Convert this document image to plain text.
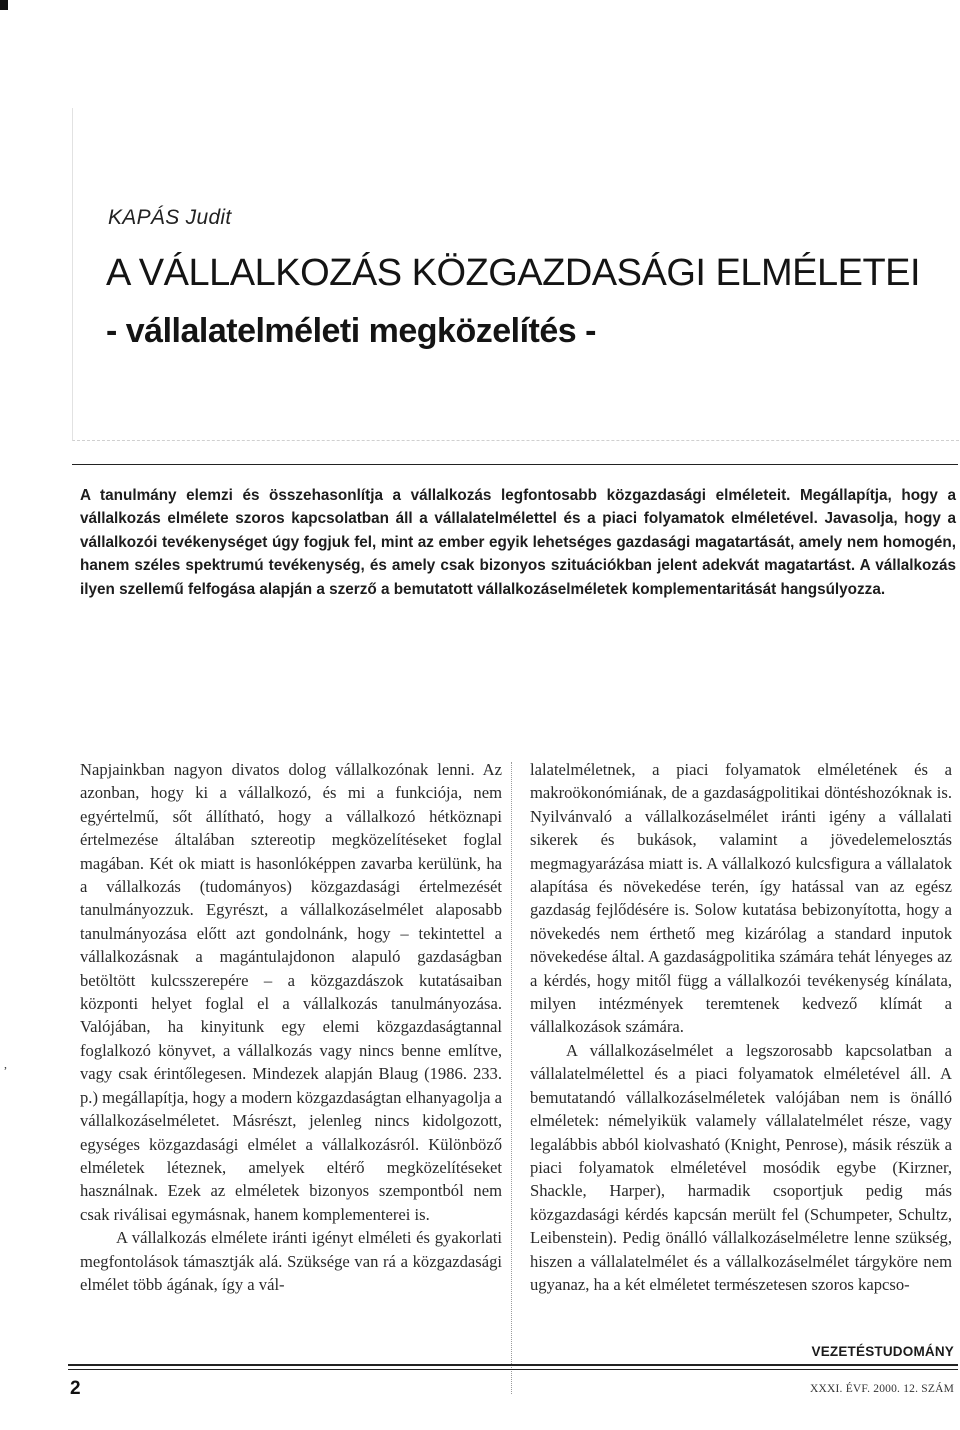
KAPÁS Judit
A VÁLLALKOZÁS KÖZGAZDASÁGI ELMÉLETEI
- vállalatelméleti megközelítés -

A tanulmány elemzi és összehasonlítja a vállalkozás legfontosabb közgazdasági elméleteit. Megállapítja, hogy a vállalkozás elmélete szoros kapcsolatban áll a vállalatelmélettel és a piaci folyamatok elméletével. Javasolja, hogy a vállalkozói tevékenységet úgy fogjuk fel, mint az ember egyik lehetséges gazdasági magatartását, amely nem homogén, hanem széles spektrumú tevékenység, és amely csak bizonyos szituációkban jelent adekvát magatartást. A vállalkozás ilyen szellemű felfogása alapján a szerző a bemutatott vállalkozáselméletek komplementaritását hangsúlyozza.

Napjainkban nagyon divatos dolog vállalkozónak lenni. Az azonban, hogy ki a vállalkozó, és mi a funkciója, nem egyértelmű, sőt állítható, hogy a vállalkozó hétköznapi értelmezése általában sztereotip megközelítéseket foglal magában. Két ok miatt is hasonlóképpen zavarba kerülünk, ha a vállalkozás (tudományos) közgazdasági értelmezését tanulmányozzuk. Egyrészt, a vállalkozáselmélet alaposabb tanulmányozása előtt azt gondolnánk, hogy – tekintettel a vállalkozásnak a magántulajdonon alapuló gazdaságban betöltött kulcsszerepére – a közgazdászok kutatásaiban központi helyet foglal el a vállalkozás tanulmányozása. Valójában, ha kinyitunk egy elemi közgazdaságtannal foglalkozó könyvet, a vállalkozás vagy nincs benne említve, vagy csak érintőlegesen. Mindezek alapján Blaug (1986. 233. p.) megállapítja, hogy a modern közgazdaságtan elhanyagolja a vállalkozáselméletet. Másrészt, jelenleg nincs kidolgozott, egységes közgazdasági elmélet a vállalkozásról. Különböző elméletek léteznek, amelyek eltérő megközelítéseket használnak. Ezek az elméletek bizonyos szempontból nem csak riválisai egymásnak, hanem komplementerei is.

A vállalkozás elmélete iránti igényt elméleti és gyakorlati megfontolások támasztják alá. Szüksége van rá a közgazdasági elmélet több ágának, így a vál-

lalatelméletnek, a piaci folyamatok elméletének és a makroökonómiának, de a gazdaságpolitikai döntéshozóknak is. Nyilvánvaló a vállalkozáselmélet iránti igény a vállalati sikerek és bukások, valamint a jövedelemelosztás megmagyarázása miatt is. A vállalkozó kulcsfigura a vállalatok alapítása és növekedése terén, így hatással van az egész gazdaság fejlődésére is. Solow kutatása bebizonyította, hogy a növekedés nem érthető meg kizárólag a standard inputok növekedése által. A gazdaságpolitika számára tehát lényeges az a kérdés, hogy mitől függ a vállalkozói tevékenység kínálata, milyen intézmények teremtenek kedvező klímát a vállalkozások számára.

A vállalkozáselmélet a legszorosabb kapcsolatban a vállalatelmélettel és a piaci folyamatok elméletével áll. A bemutatandó vállalkozáselméletek valójában nem is önálló elméletek: némelyikük valamely vállalatelmélet része, vagy legalábbis abból kiolvasható (Knight, Penrose), másik részük a piaci folyamatok elméletével mosódik egybe (Kirzner, Shackle, Harper), harmadik csoportjuk pedig más közgazdasági kérdés kapcsán merült fel (Schumpeter, Schultz, Leibenstein). Pedig önálló vállalkozáselméletre lenne szükség, hiszen a vállalatelmélet és a vállalkozáselmélet tárgyköre nem ugyanaz, ha a két elméletet természetesen szoros kapcso-

,
VEZETÉSTUDOMÁNY
2	XXXI. ÉVF. 2000. 12. SZÁM
